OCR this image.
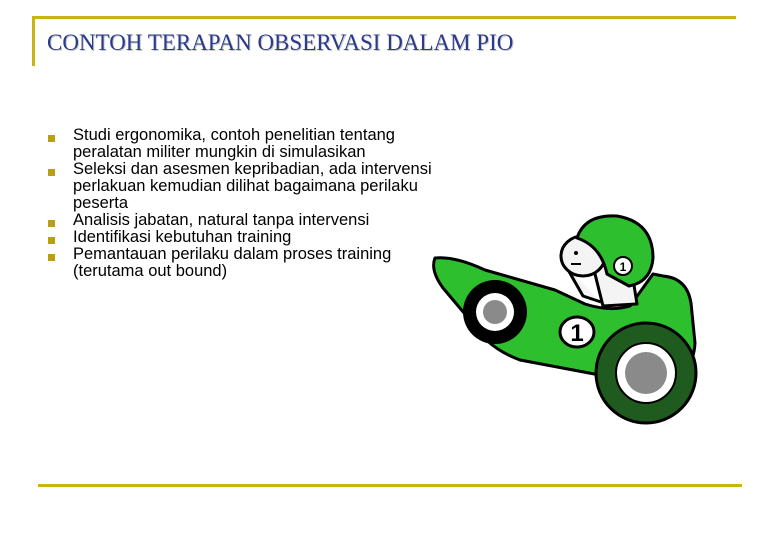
CONTOH TERAPAN OBSERVASI DALAM PIO
Studi ergonomika, contoh penelitian tentang peralatan militer mungkin di simulasikan
Seleksi dan asesmen kepribadian, ada intervensi perlakuan kemudian dilihat bagaimana perilaku peserta
Analisis jabatan, natural tanpa intervensi
Identifikasi kebutuhan training
Pemantauan perilaku dalam proses training (terutama out bound)	1
1
